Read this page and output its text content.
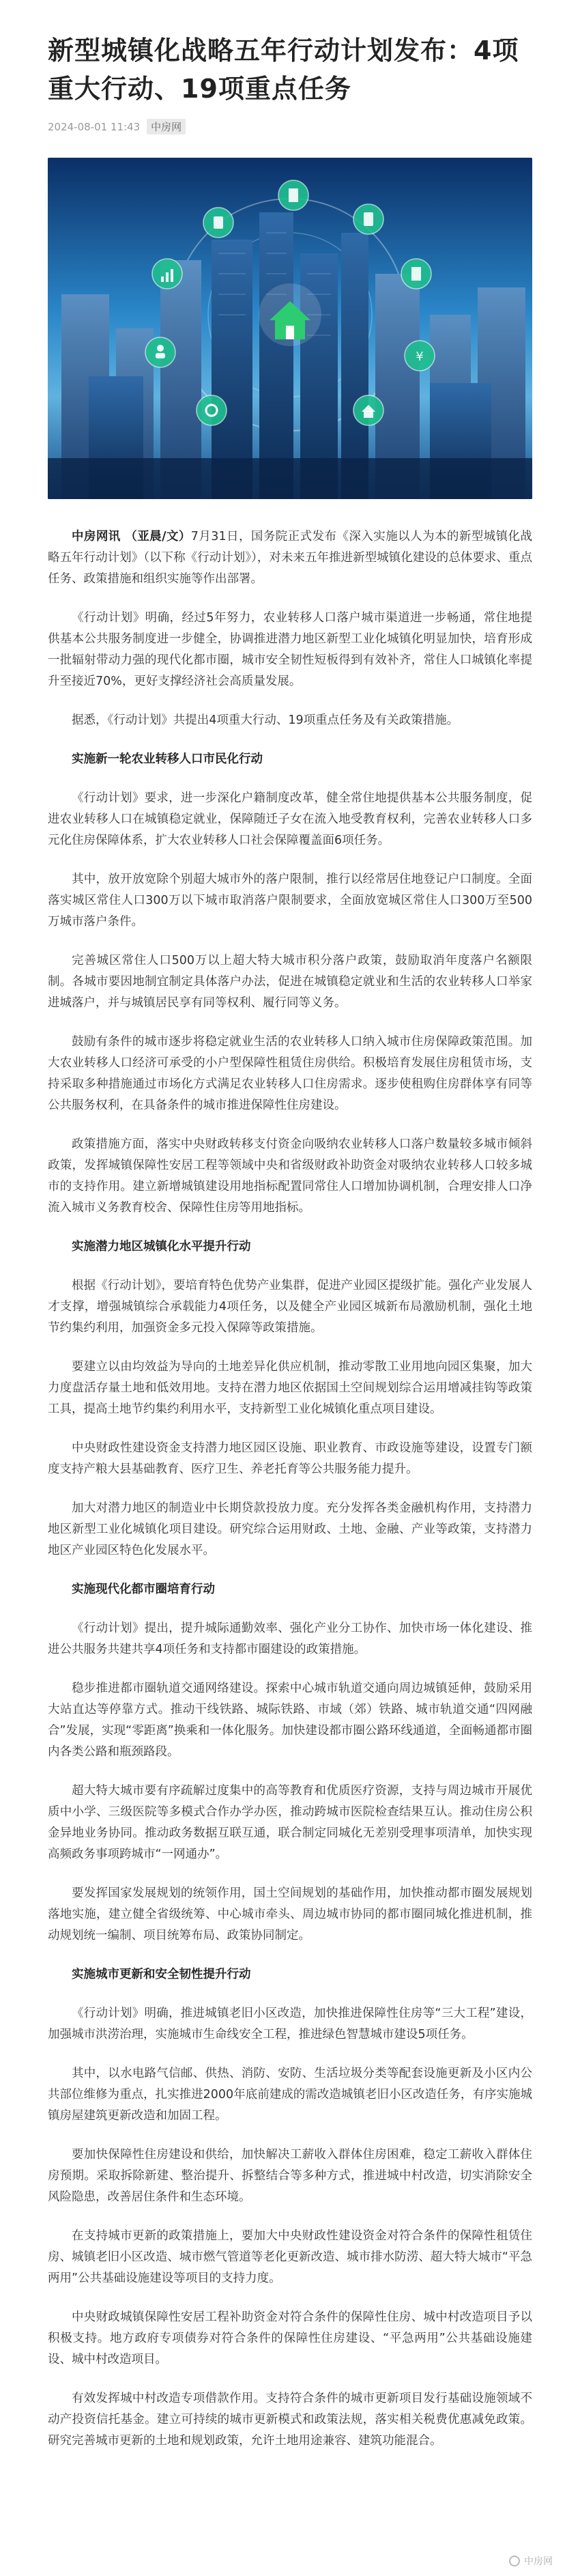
新型城镇化战略五年行动计划发布：4项重大行动、19项重点任务
2024-08-01 11:43	中房网
¥

中房网讯 （亚晨/文）7月31日，国务院正式发布《深入实施以人为本的新型城镇化战略五年行动计划》（以下称《行动计划》），对未来五年推进新型城镇化建设的总体要求、重点任务、政策措施和组织实施等作出部署。

《行动计划》明确，经过5年努力，农业转移人口落户城市渠道进一步畅通，常住地提供基本公共服务制度进一步健全，协调推进潜力地区新型工业化城镇化明显加快，培育形成一批辐射带动力强的现代化都市圈，城市安全韧性短板得到有效补齐，常住人口城镇化率提升至接近70%，更好支撑经济社会高质量发展。

据悉，《行动计划》共提出4项重大行动、19项重点任务及有关政策措施。

实施新一轮农业转移人口市民化行动

《行动计划》要求，进一步深化户籍制度改革，健全常住地提供基本公共服务制度，促进农业转移人口在城镇稳定就业，保障随迁子女在流入地受教育权利，完善农业转移人口多元化住房保障体系，扩大农业转移人口社会保障覆盖面6项任务。

其中，放开放宽除个别超大城市外的落户限制，推行以经常居住地登记户口制度。全面落实城区常住人口300万以下城市取消落户限制要求，全面放宽城区常住人口300万至500万城市落户条件。

完善城区常住人口500万以上超大特大城市积分落户政策，鼓励取消年度落户名额限制。各城市要因地制宜制定具体落户办法，促进在城镇稳定就业和生活的农业转移人口举家进城落户，并与城镇居民享有同等权利、履行同等义务。

鼓励有条件的城市逐步将稳定就业生活的农业转移人口纳入城市住房保障政策范围。加大农业转移人口经济可承受的小户型保障性租赁住房供给。积极培育发展住房租赁市场，支持采取多种措施通过市场化方式满足农业转移人口住房需求。逐步使租购住房群体享有同等公共服务权利，在具备条件的城市推进保障性住房建设。

政策措施方面，落实中央财政转移支付资金向吸纳农业转移人口落户数量较多城市倾斜政策，发挥城镇保障性安居工程等领域中央和省级财政补助资金对吸纳农业转移人口较多城市的支持作用。建立新增城镇建设用地指标配置同常住人口增加协调机制，合理安排人口净流入城市义务教育校舍、保障性住房等用地指标。

实施潜力地区城镇化水平提升行动

根据《行动计划》，要培育特色优势产业集群，促进产业园区提级扩能。强化产业发展人才支撑，增强城镇综合承载能力4项任务，以及健全产业园区城新布局激励机制，强化土地节约集约利用，加强资金多元投入保障等政策措施。

要建立以由均效益为导向的土地差异化供应机制，推动零散工业用地向园区集聚，加大力度盘活存量土地和低效用地。支持在潜力地区依据国土空间规划综合运用增减挂钩等政策工具，提高土地节约集约利用水平，支持新型工业化城镇化重点项目建设。

中央财政性建设资金支持潜力地区园区设施、职业教育、市政设施等建设，设置专门额度支持产粮大县基础教育、医疗卫生、养老托育等公共服务能力提升。

加大对潜力地区的制造业中长期贷款投放力度。充分发挥各类金融机构作用，支持潜力地区新型工业化城镇化项目建设。研究综合运用财政、土地、金融、产业等政策，支持潜力地区产业园区特色化发展水平。

实施现代化都市圈培育行动

《行动计划》提出，提升城际通勤效率、强化产业分工协作、加快市场一体化建设、推进公共服务共建共享4项任务和支持都市圈建设的政策措施。

稳步推进都市圈轨道交通网络建设。探索中心城市轨道交通向周边城镇延伸，鼓励采用大站直达等停靠方式。推动干线铁路、城际铁路、市域（郊）铁路、城市轨道交通“四网融合”发展，实现“零距离”换乘和一体化服务。加快建设都市圈公路环线通道，全面畅通都市圈内各类公路和瓶颈路段。

超大特大城市要有序疏解过度集中的高等教育和优质医疗资源，支持与周边城市开展优质中小学、三级医院等多模式合作办学办医，推动跨城市医院检查结果互认。推动住房公积金异地业务协同。推动政务数据互联互通，联合制定同城化无差别受理事项清单，加快实现高频政务事项跨城市“一网通办”。

要发挥国家发展规划的统领作用，国土空间规划的基础作用，加快推动都市圈发展规划落地实施，建立健全省级统筹、中心城市牵头、周边城市协同的都市圈同城化推进机制，推动规划统一编制、项目统筹布局、政策协同制定。

实施城市更新和安全韧性提升行动

《行动计划》明确，推进城镇老旧小区改造，加快推进保障性住房等“三大工程”建设，加强城市洪涝治理，实施城市生命线安全工程，推进绿色智慧城市建设5项任务。

其中，以水电路气信邮、供热、消防、安防、生活垃圾分类等配套设施更新及小区内公共部位维修为重点，扎实推进2000年底前建成的需改造城镇老旧小区改造任务，有序实施城镇房屋建筑更新改造和加固工程。

要加快保障性住房建设和供给，加快解决工薪收入群体住房困难，稳定工薪收入群体住房预期。采取拆除新建、整治提升、拆整结合等多种方式，推进城中村改造，切实消除安全风险隐患，改善居住条件和生态环境。

在支持城市更新的政策措施上，要加大中央财政性建设资金对符合条件的保障性租赁住房、城镇老旧小区改造、城市燃气管道等老化更新改造、城市排水防涝、超大特大城市“平急两用”公共基础设施建设等项目的支持力度。

中央财政城镇保障性安居工程补助资金对符合条件的保障性住房、城中村改造项目予以积极支持。地方政府专项债券对符合条件的保障性住房建设、“平急两用”公共基础设施建设、城中村改造项目。

有效发挥城中村改造专项借款作用。支持符合条件的城市更新项目发行基础设施领域不动产投资信托基金。建立可持续的城市更新模式和政策法规，落实相关税费优惠减免政策。研究完善城市更新的土地和规划政策，允许土地用途兼容、建筑功能混合。

中房网
